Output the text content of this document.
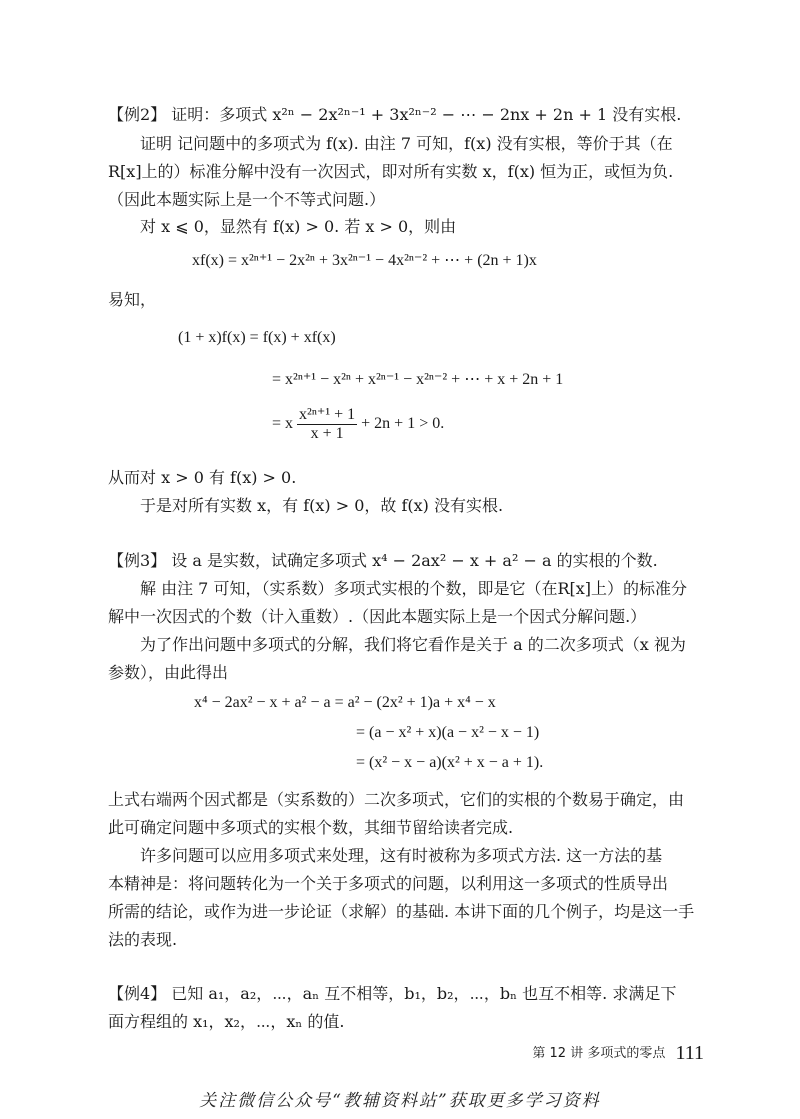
【例2】 证明：多项式 x²ⁿ − 2x²ⁿ⁻¹ + 3x²ⁿ⁻² − ⋯ − 2nx + 2n + 1 没有实根.
证明 记问题中的多项式为 f(x). 由注 7 可知，f(x) 没有实根，等价于其（在
R[x]上的）标准分解中没有一次因式，即对所有实数 x，f(x) 恒为正，或恒为负.
（因此本题实际上是一个不等式问题.）
对 x ⩽ 0，显然有 f(x) > 0. 若 x > 0，则由
xf(x) = x²ⁿ⁺¹ − 2x²ⁿ + 3x²ⁿ⁻¹ − 4x²ⁿ⁻² + ⋯ + (2n + 1)x
易知，
(1 + x)f(x) = f(x) + xf(x)
= x²ⁿ⁺¹ − x²ⁿ + x²ⁿ⁻¹ − x²ⁿ⁻² + ⋯ + x + 2n + 1
= x $\frac{\text{x²ⁿ⁺¹ + 1}}{x + 1} + 2n + 1 > 0$.
从而对 x > 0 有 f(x) > 0.
于是对所有实数 x，有 f(x) > 0，故 f(x) 没有实根.
【例3】 设 a 是实数，试确定多项式 x⁴ − 2ax² − x + a² − a 的实根的个数.
解 由注 7 可知，（实系数）多项式实根的个数，即是它（在R[x]上）的标准分
解中一次因式的个数（计入重数）.（因此本题实际上是一个因式分解问题.）
为了作出问题中多项式的分解，我们将它看作是关于 a 的二次多项式（x 视为
参数），由此得出
x⁴ − 2ax² − x + a² − a = a² − (2x² + 1)a + x⁴ − x
= (a − x² + x)(a − x² − x − 1)
= (x² − x − a)(x² + x − a + 1).
上式右端两个因式都是（实系数的）二次多项式，它们的实根的个数易于确定，由
此可确定问题中多项式的实根个数，其细节留给读者完成.
许多问题可以应用多项式来处理，这有时被称为多项式方法. 这一方法的基
本精神是：将问题转化为一个关于多项式的问题，以利用这一多项式的性质导出
所需的结论，或作为进一步论证（求解）的基础. 本讲下面的几个例子，均是这一手
法的表现.
【例4】 已知 a₁，a₂，⋯，aₙ 互不相等，b₁，b₂，⋯，bₙ 也互不相等. 求满足下
面方程组的 x₁，x₂，⋯，xₙ 的值.
第 12 讲 多项式的零点 111
关注微信公众号“教辅资料站”获取更多学习资料
